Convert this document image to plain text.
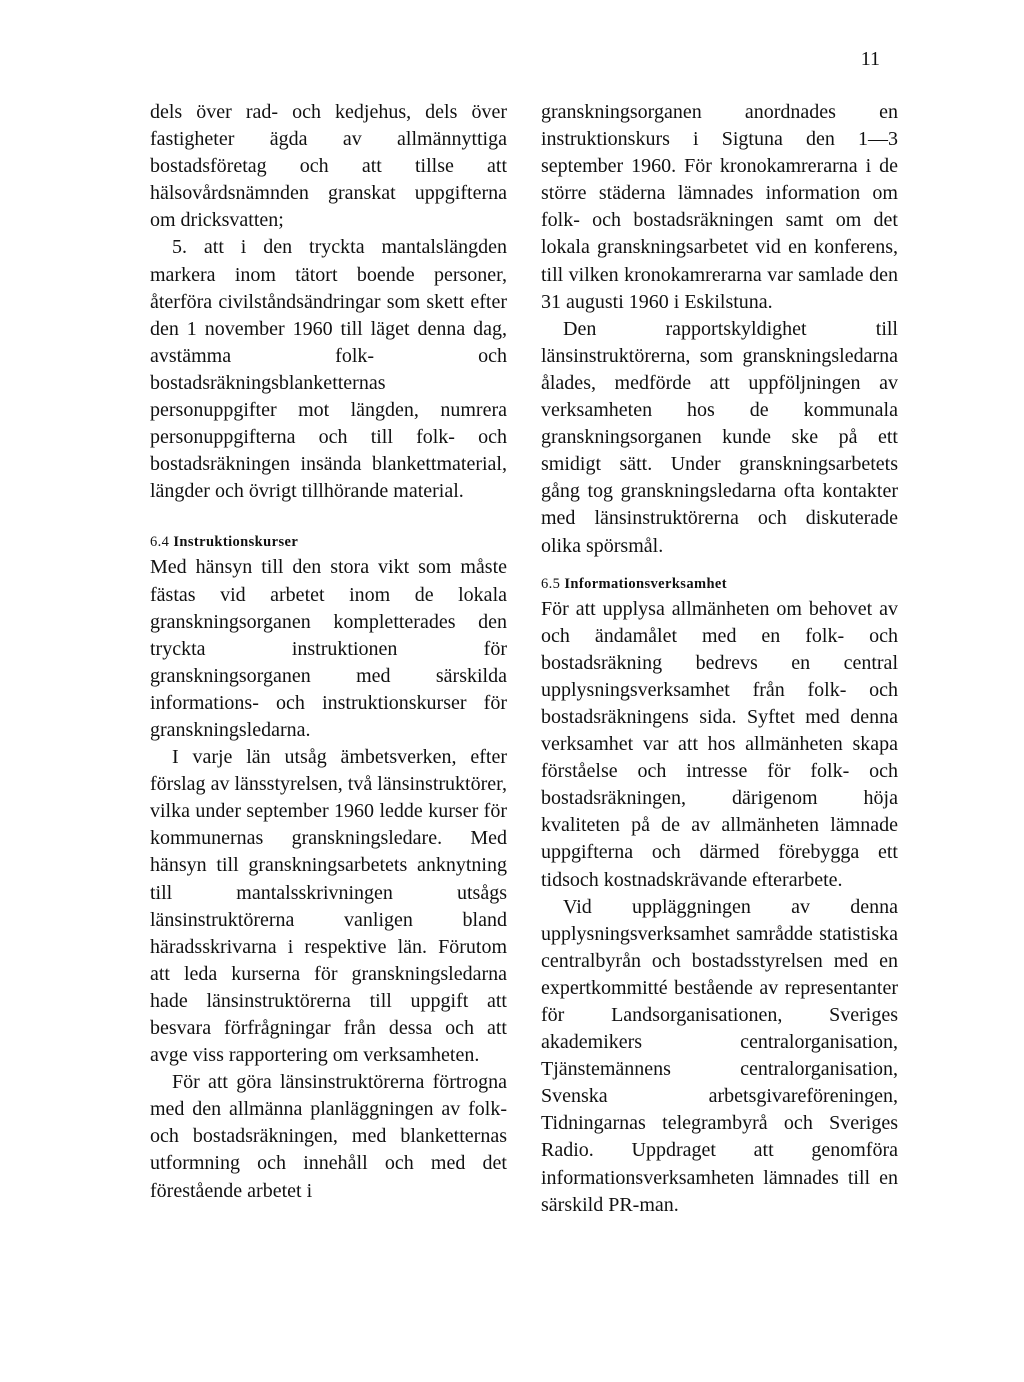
11

dels över rad- och kedjehus, dels över fastigheter ägda av allmännyttiga bostadsföretag och att tillse att hälsovårdsnämnden granskat uppgifterna om dricksvatten;

5. att i den tryckta mantalslängden markera inom tätort boende personer, återföra civilståndsändringar som skett efter den 1 november 1960 till läget denna dag, avstämma folk- och bostadsräkningsblanketternas personuppgifter mot längden, numrera personuppgifterna och till folk- och bostadsräkningen insända blankettmaterial, längder och övrigt tillhörande material.

6.4 Instruktionskurser

Med hänsyn till den stora vikt som måste fästas vid arbetet inom de lokala granskningsorganen kompletterades den tryckta instruktionen för granskningsorganen med särskilda informations- och instruktionskurser för granskningsledarna.

I varje län utsåg ämbetsverken, efter förslag av länsstyrelsen, två länsinstruktörer, vilka under september 1960 ledde kurser för kommunernas granskningsledare. Med hänsyn till granskningsarbetets anknytning till mantalsskrivningen utsågs länsinstruktörerna vanligen bland häradsskrivarna i respektive län. Förutom att leda kurserna för granskningsledarna hade länsinstruktörerna till uppgift att besvara förfrågningar från dessa och att avge viss rapportering om verksamheten.

För att göra länsinstruktörerna förtrogna med den allmänna planläggningen av folk- och bostadsräkningen, med blanketternas utformning och innehåll och med det förestående arbetet i

granskningsorganen anordnades en instruktionskurs i Sigtuna den 1—3 september 1960. För kronokamrerarna i de större städerna lämnades information om folk- och bostadsräkningen samt om det lokala granskningsarbetet vid en konferens, till vilken kronokamrerarna var samlade den 31 augusti 1960 i Eskilstuna.

Den rapportskyldighet till länsinstruktörerna, som granskningsledarna ålades, medförde att uppföljningen av verksamheten hos de kommunala granskningsorganen kunde ske på ett smidigt sätt. Under granskningsarbetets gång tog granskningsledarna ofta kontakter med länsinstruktörerna och diskuterade olika spörsmål.

6.5 Informationsverksamhet

För att upplysa allmänheten om behovet av och ändamålet med en folk- och bostadsräkning bedrevs en central upplysningsverksamhet från folk- och bostadsräkningens sida. Syftet med denna verksamhet var att hos allmänheten skapa förståelse och intresse för folk- och bostadsräkningen, därigenom höja kvaliteten på de av allmänheten lämnade uppgifterna och därmed förebygga ett tidsoch kostnadskrävande efterarbete.

Vid uppläggningen av denna upplysningsverksamhet samrådde statistiska centralbyrån och bostadsstyrelsen med en expertkommitté bestående av representanter för Landsorganisationen, Sveriges akademikers centralorganisation, Tjänstemännens centralorganisation, Svenska arbetsgivareföreningen, Tidningarnas telegrambyrå och Sveriges Radio. Uppdraget att genomföra informationsverksamheten lämnades till en särskild PR-man.
